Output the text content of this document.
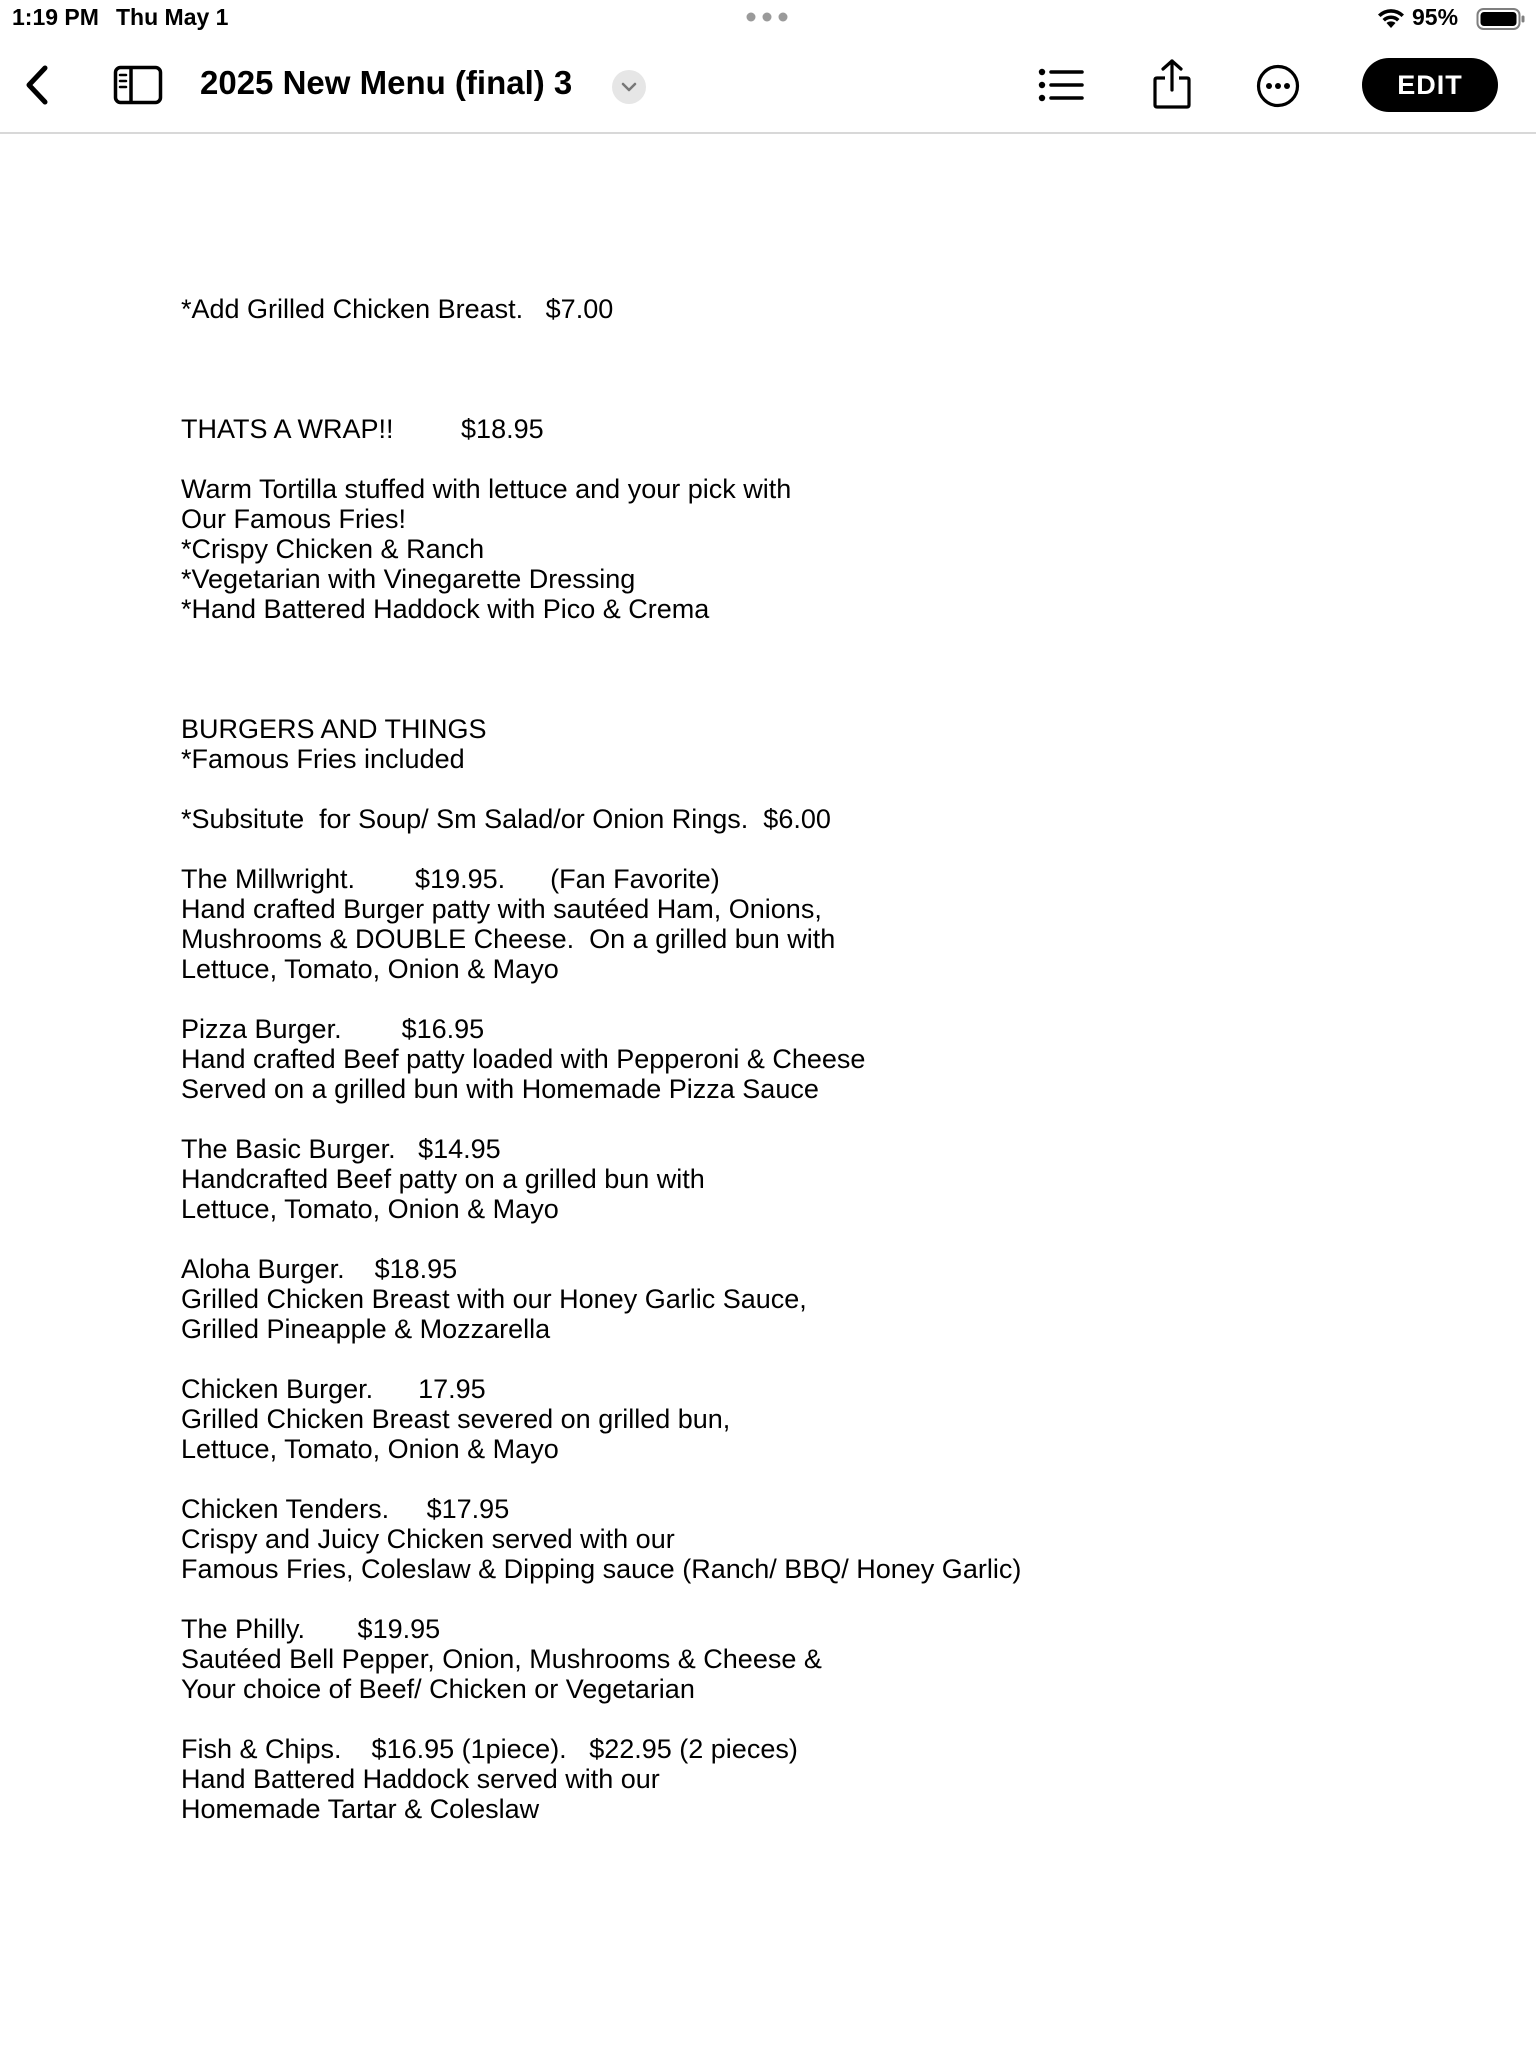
1:19 PM Thu May 1	95%
2025 New Menu (final) 3	EDIT
*Add Grilled Chicken Breast.   $7.00
THATS A WRAP!!         $18.95
Warm Tortilla stuffed with lettuce and your pick with
Our Famous Fries!
*Crispy Chicken & Ranch
*Vegetarian with Vinegarette Dressing
*Hand Battered Haddock with Pico & Crema
BURGERS AND THINGS
*Famous Fries included
*Subsitute  for Soup/ Sm Salad/or Onion Rings.  $6.00
The Millwright.        $19.95.      (Fan Favorite)
Hand crafted Burger patty with sautéed Ham, Onions,
Mushrooms & DOUBLE Cheese.  On a grilled bun with
Lettuce, Tomato, Onion & Mayo
Pizza Burger.        $16.95
Hand crafted Beef patty loaded with Pepperoni & Cheese
Served on a grilled bun with Homemade Pizza Sauce
The Basic Burger.   $14.95
Handcrafted Beef patty on a grilled bun with
Lettuce, Tomato, Onion & Mayo
Aloha Burger.    $18.95
Grilled Chicken Breast with our Honey Garlic Sauce,
Grilled Pineapple & Mozzarella
Chicken Burger.      17.95
Grilled Chicken Breast severed on grilled bun,
Lettuce, Tomato, Onion & Mayo
Chicken Tenders.     $17.95
Crispy and Juicy Chicken served with our
Famous Fries, Coleslaw & Dipping sauce (Ranch/ BBQ/ Honey Garlic)
The Philly.       $19.95
Sautéed Bell Pepper, Onion, Mushrooms & Cheese &
Your choice of Beef/ Chicken or Vegetarian
Fish & Chips.    $16.95 (1piece).   $22.95 (2 pieces)
Hand Battered Haddock served with our
Homemade Tartar & Coleslaw
